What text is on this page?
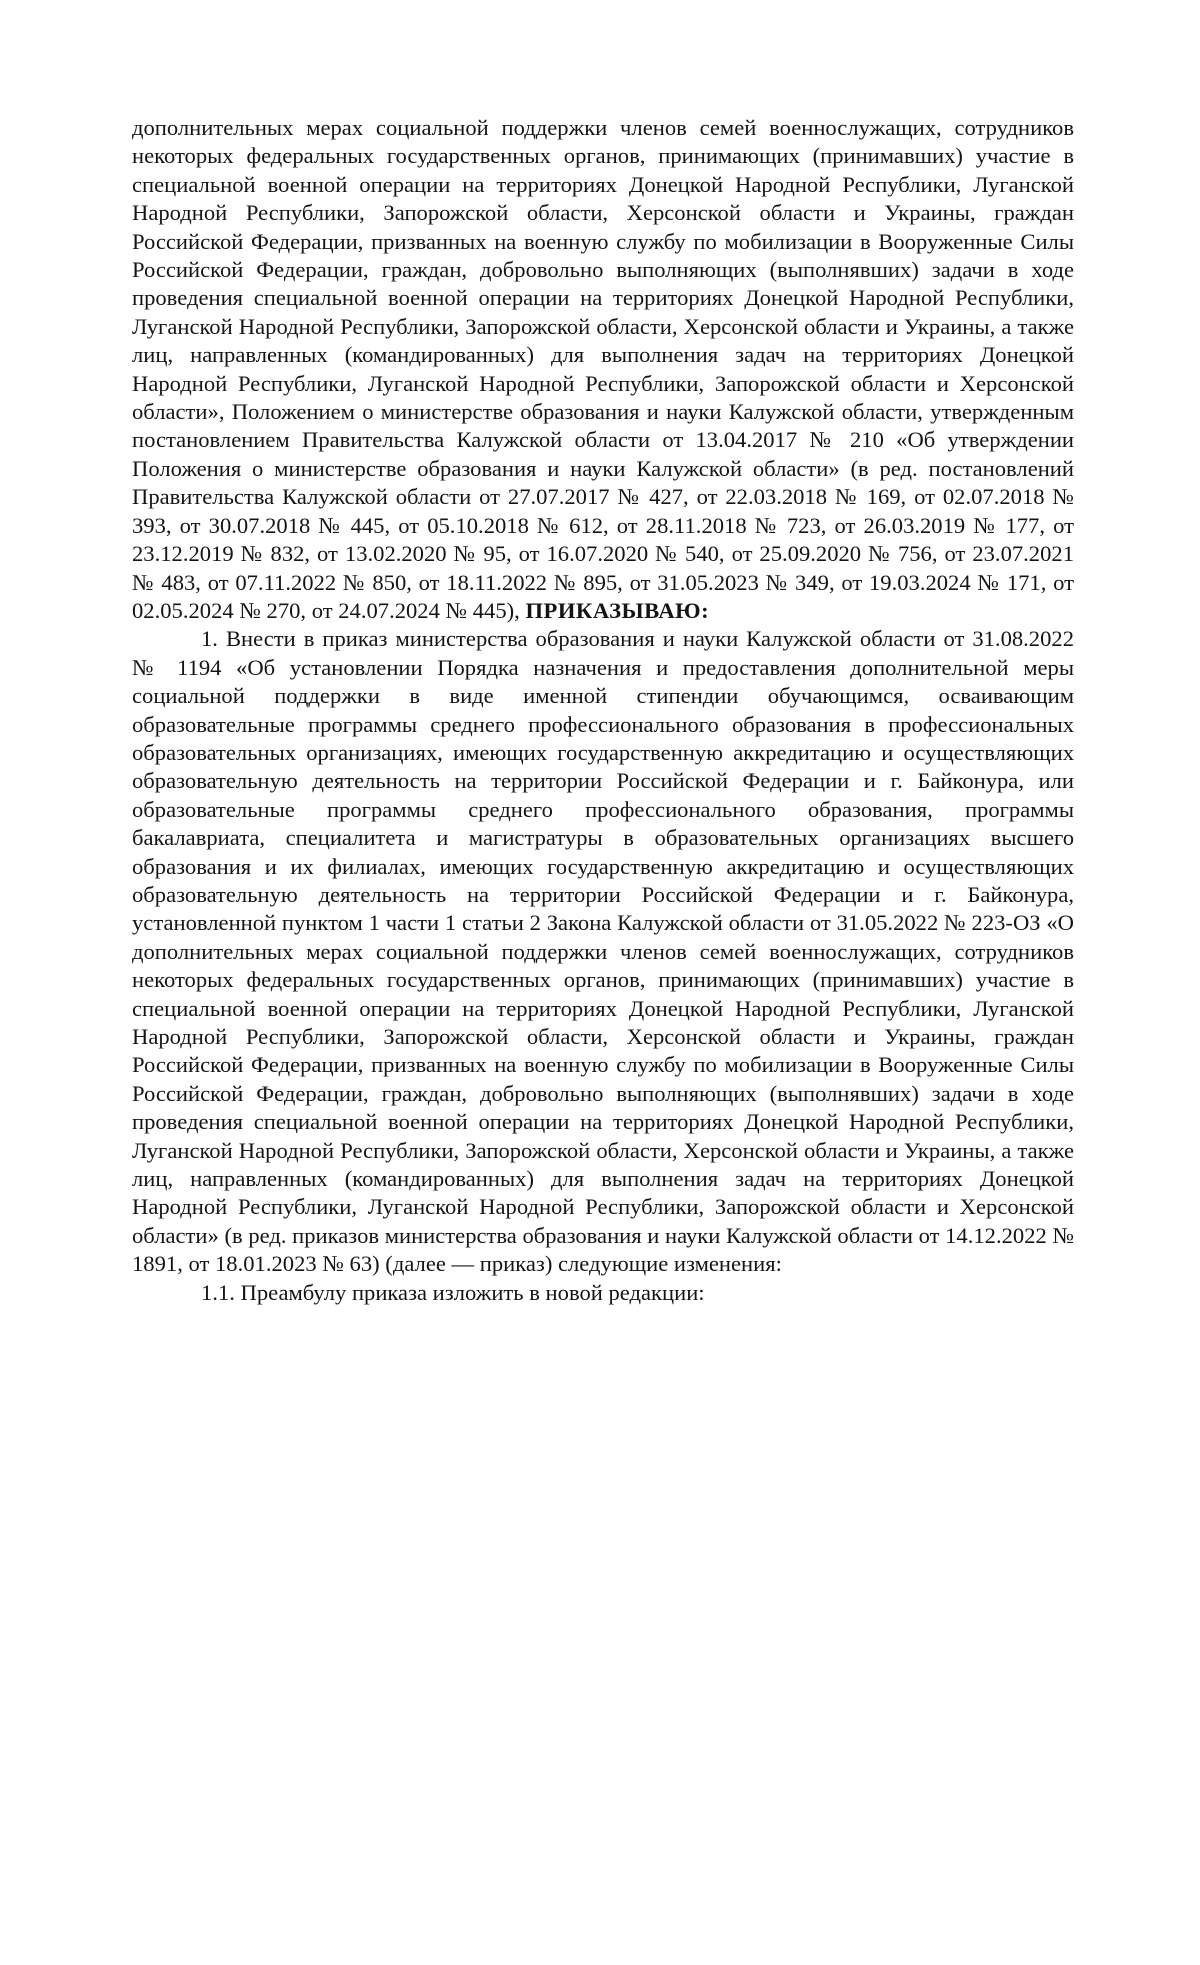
дополнительных мерах социальной поддержки членов семей военнослужащих, сотрудников некоторых федеральных государственных органов, принимающих (принимавших) участие в специальной военной операции на территориях Донецкой Народной Республики, Луганской Народной Республики, Запорожской области, Херсонской области и Украины, граждан Российской Федерации, призванных на военную службу по мобилизации в Вооруженные Силы Российской Федерации, граждан, добровольно выполняющих (выполнявших) задачи в ходе проведения специальной военной операции на территориях Донецкой Народной Республики, Луганской Народной Республики, Запорожской области, Херсонской области и Украины, а также лиц, направленных (командированных) для выполнения задач на территориях Донецкой Народной Республики, Луганской Народной Республики, Запорожской области и Херсонской области», Положением о министерстве образования и науки Калужской области, утвержденным постановлением Правительства Калужской области от 13.04.2017 № 210 «Об утверждении Положения о министерстве образования и науки Калужской области» (в ред. постановлений Правительства Калужской области от 27.07.2017 № 427, от 22.03.2018 № 169, от 02.07.2018 № 393, от 30.07.2018 № 445, от 05.10.2018 № 612, от 28.11.2018 № 723, от 26.03.2019 № 177, от 23.12.2019 № 832, от 13.02.2020 № 95, от 16.07.2020 № 540, от 25.09.2020 № 756, от 23.07.2021 № 483, от 07.11.2022 № 850, от 18.11.2022 № 895, от 31.05.2023 № 349, от 19.03.2024 № 171, от 02.05.2024 № 270, от 24.07.2024 № 445), ПРИКАЗЫВАЮ:

1. Внести в приказ министерства образования и науки Калужской области от 31.08.2022 № 1194 «Об установлении Порядка назначения и предоставления дополнительной меры социальной поддержки в виде именной стипендии обучающимся, осваивающим образовательные программы среднего профессионального образования в профессиональных образовательных организациях, имеющих государственную аккредитацию и осуществляющих образовательную деятельность на территории Российской Федерации и г. Байконура, или образовательные программы среднего профессионального образования, программы бакалавриата, специалитета и магистратуры в образовательных организациях высшего образования и их филиалах, имеющих государственную аккредитацию и осуществляющих образовательную деятельность на территории Российской Федерации и г. Байконура, установленной пунктом 1 части 1 статьи 2 Закона Калужской области от 31.05.2022 № 223-ОЗ «О дополнительных мерах социальной поддержки членов семей военнослужащих, сотрудников некоторых федеральных государственных органов, принимающих (принимавших) участие в специальной военной операции на территориях Донецкой Народной Республики, Луганской Народной Республики, Запорожской области, Херсонской области и Украины, граждан Российской Федерации, призванных на военную службу по мобилизации в Вооруженные Силы Российской Федерации, граждан, добровольно выполняющих (выполнявших) задачи в ходе проведения специальной военной операции на территориях Донецкой Народной Республики, Луганской Народной Республики, Запорожской области, Херсонской области и Украины, а также лиц, направленных (командированных) для выполнения задач на территориях Донецкой Народной Республики, Луганской Народной Республики, Запорожской области и Херсонской области» (в ред. приказов министерства образования и науки Калужской области от 14.12.2022 № 1891, от 18.01.2023 № 63) (далее — приказ) следующие изменения:

1.1. Преамбулу приказа изложить в новой редакции:
